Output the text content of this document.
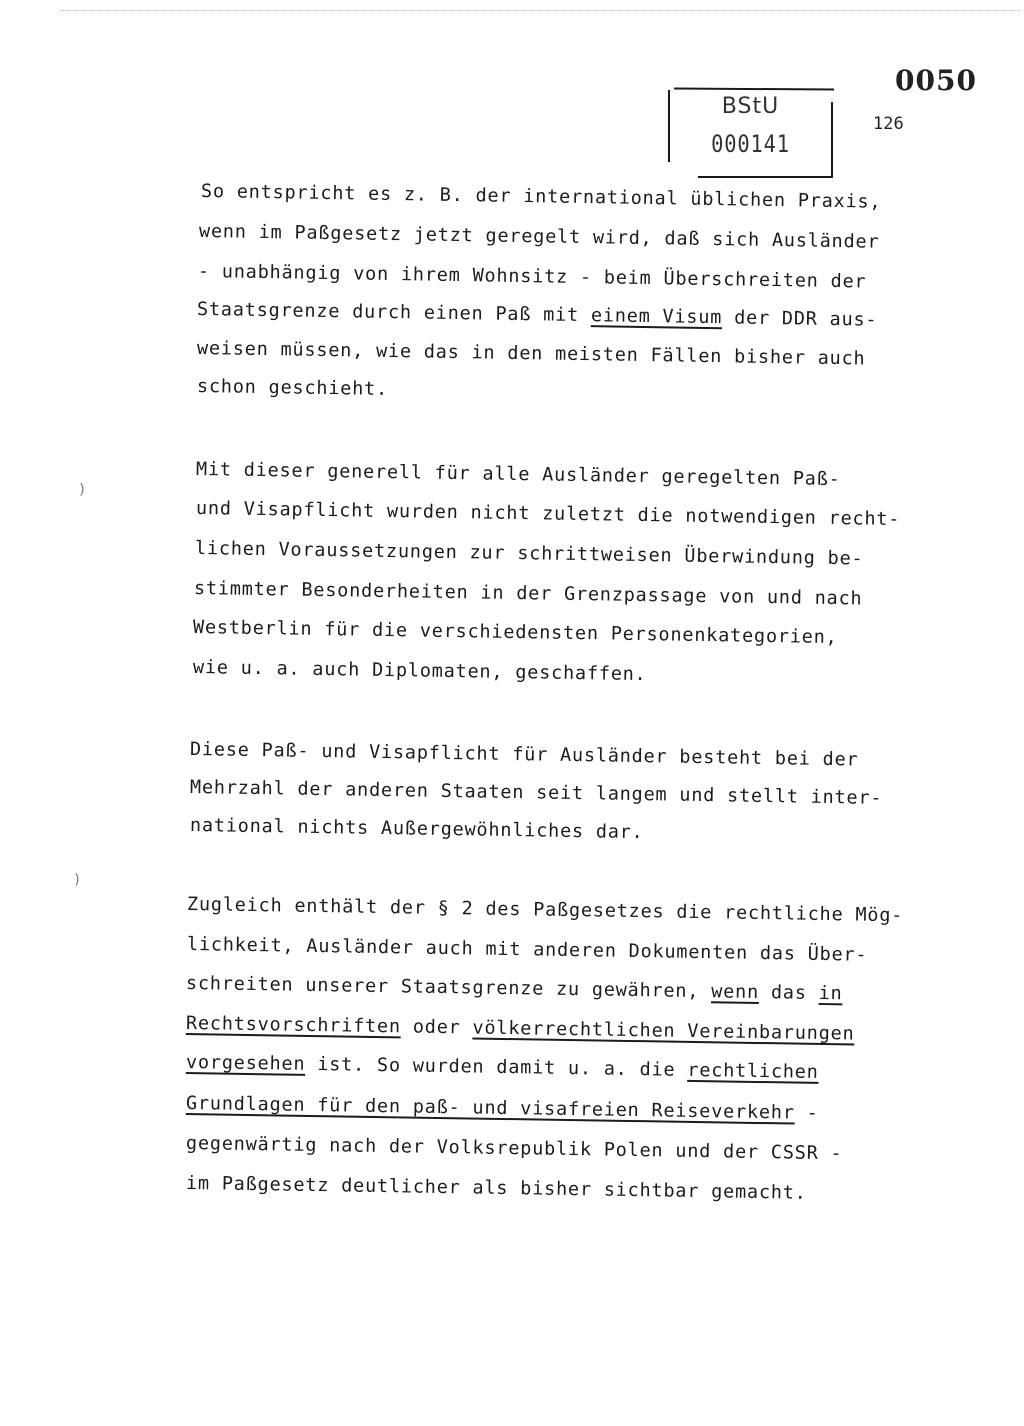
0050
126
BStU
000141
So entspricht es z. B. der international üblichen Praxis,
wenn im Paßgesetz jetzt geregelt wird, daß sich Ausländer
- unabhängig von ihrem Wohnsitz - beim Überschreiten der
Staatsgrenze durch einen Paß mit einem Visum der DDR aus-
weisen müssen, wie das in den meisten Fällen bisher auch
schon geschieht.
Mit dieser generell für alle Ausländer geregelten Paß-
und Visapflicht wurden nicht zuletzt die notwendigen recht-
lichen Voraussetzungen zur schrittweisen Überwindung be-
stimmter Besonderheiten in der Grenzpassage von und nach
Westberlin für die verschiedensten Personenkategorien,
wie u. a. auch Diplomaten, geschaffen.
Diese Paß- und Visapflicht für Ausländer besteht bei der
Mehrzahl der anderen Staaten seit langem und stellt inter-
national nichts Außergewöhnliches dar.
Zugleich enthält der § 2 des Paßgesetzes die rechtliche Mög-
lichkeit, Ausländer auch mit anderen Dokumenten das Über-
schreiten unserer Staatsgrenze zu gewähren, wenn das in
Rechtsvorschriften oder völkerrechtlichen Vereinbarungen
vorgesehen ist. So wurden damit u. a. die rechtlichen
Grundlagen für den paß- und visafreien Reiseverkehr -
gegenwärtig nach der Volksrepublik Polen und der CSSR -
im Paßgesetz deutlicher als bisher sichtbar gemacht.
)
)
